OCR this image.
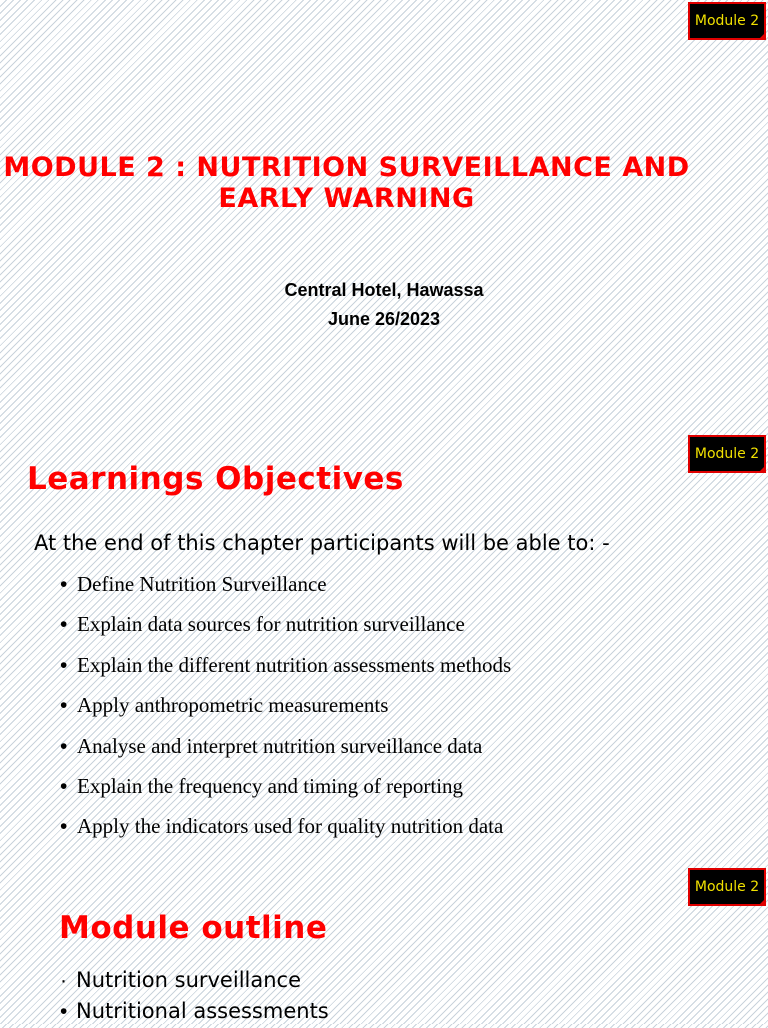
Module 2
MODULE 2 : NUTRITION SURVEILLANCE AND EARLY WARNING
Central Hotel, Hawassa
June 26/2023
Module 2
Learnings Objectives
At the end of this chapter participants will be able to: -
• Define Nutrition Surveillance
• Explain data sources for nutrition surveillance
• Explain the different nutrition assessments methods
• Apply anthropometric measurements
• Analyse and interpret nutrition surveillance data
• Explain the frequency and timing of reporting
• Apply the indicators used for quality nutrition data
Module 2
Module outline
· Nutrition surveillance
• Nutritional assessments
